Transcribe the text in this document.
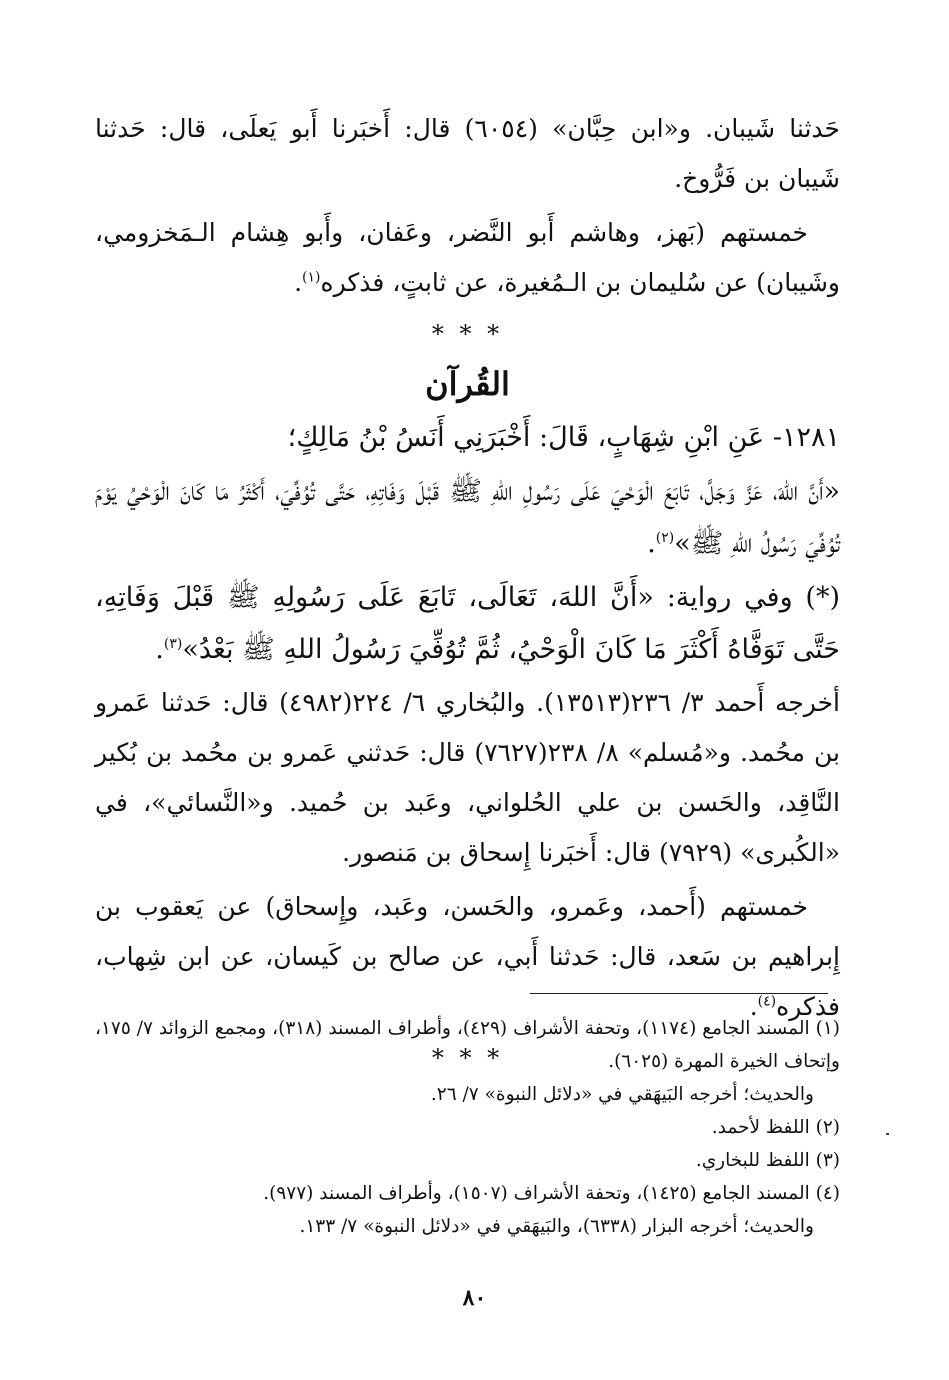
حَدثنا شَيبان. و«ابن حِبَّان» (٦٠٥٤) قال: أَخبَرنا أَبو يَعلَى، قال: حَدثنا شَيبان بن فَرُّوخ.

خمستهم (بَهز، وهاشم أَبو النَّضر، وعَفان، وأَبو هِشام الـمَخزومي، وشَيبان) عن سُليمان بن الـمُغيرة، عن ثابتٍ، فذكره$^{(١)}$.

* * *

القُرآن

١٢٨١- عَنِ ابْنِ شِهَابٍ، قَالَ: أَخْبَرَنِي أَنَسُ بْنُ مَالِكٍ؛

«أَنَّ اللهَ، عَزَّ وَجَلَّ، تَابَعَ الْوَحْيَ عَلَى رَسُولِ اللهِ ﷺ قَبْلَ وَفَاتِهِ، حَتَّى تُوُفِّيَ، أَكْثَرُ مَا كَانَ الْوَحْيُ يَوْمَ تُوُفِّيَ رَسُولُ اللهِ ﷺ»$^{(٢)}$.

(*) وفي رواية: «أَنَّ اللهَ، تَعَالَى، تَابَعَ عَلَى رَسُولِهِ ﷺ قَبْلَ وَفَاتِهِ، حَتَّى تَوَفَّاهُ أَكْثَرَ مَا كَانَ الْوَحْيُ، ثُمَّ تُوُفِّيَ رَسُولُ اللهِ ﷺ بَعْدُ»$^{(٣)}$.

أخرجه أَحمد ٣/ ٢٣٦(١٣٥١٣). والبُخاري ٦/ ٢٢٤(٤٩٨٢) قال: حَدثنا عَمرو بن محُمد. و«مُسلم» ٨/ ٢٣٨(٧٦٢٧) قال: حَدثني عَمرو بن محُمد بن بُكير النَّاقِد، والحَسن بن علي الحُلواني، وعَبد بن حُميد. و«النَّسائي»، في «الكُبرى» (٧٩٢٩) قال: أَخبَرنا إِسحاق بن مَنصور.

خمستهم (أَحمد، وعَمرو، والحَسن، وعَبد، وإِسحاق) عن يَعقوب بن إِبراهيم بن سَعد، قال: حَدثنا أَبي، عن صالح بن كَيسان، عن ابن شِهاب، فذكره$^{(٤)}$.

* * *

(١) المسند الجامع (١١٧٤)، وتحفة الأشراف (٤٢٩)، وأطراف المسند (٣١٨)، ومجمع الزوائد ٧/ ١٧٥، وإتحاف الخيرة المهرة (٦٠٢٥).

والحديث؛ أخرجه البَيهَقي في «دلائل النبوة» ٧/ ٢٦.

(٢) اللفظ لأحمد.

(٣) اللفظ للبخاري.

(٤) المسند الجامع (١٤٢٥)، وتحفة الأشراف (١٥٠٧)، وأطراف المسند (٩٧٧).

والحديث؛ أخرجه البزار (٦٣٣٨)، والبَيهَقي في «دلائل النبوة» ٧/ ١٣٣.

٨٠
